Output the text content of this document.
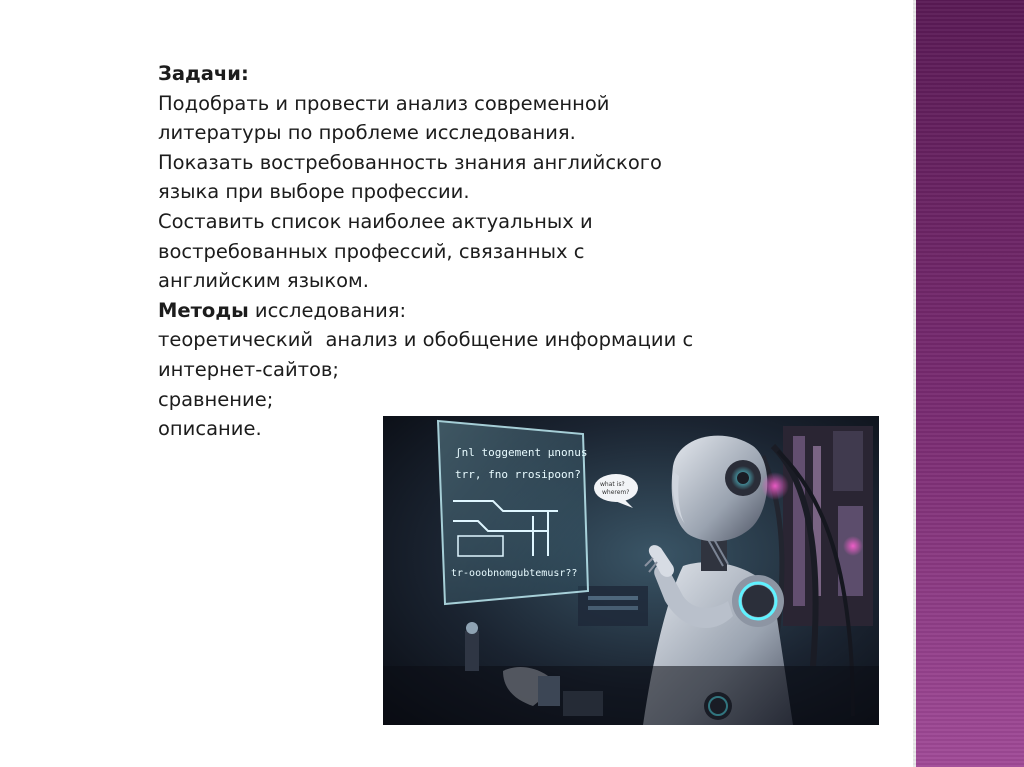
Задачи:

Подобрать и провести анализ современной

литературы по проблеме исследования.

Показать востребованность знания английского

языка при выборе профессии.

Составить список наиболее актуальных и

востребованных профессий, связанных с

английским языком.

Методы исследования:

теоретический  анализ и обобщение информации с

интернет-сайтов;

сравнение;

описание.

ʃnl toggement µnonus
trr, fno rrosipoon?
tr-ooobnomgubtemusr??
what is?
wherem?
